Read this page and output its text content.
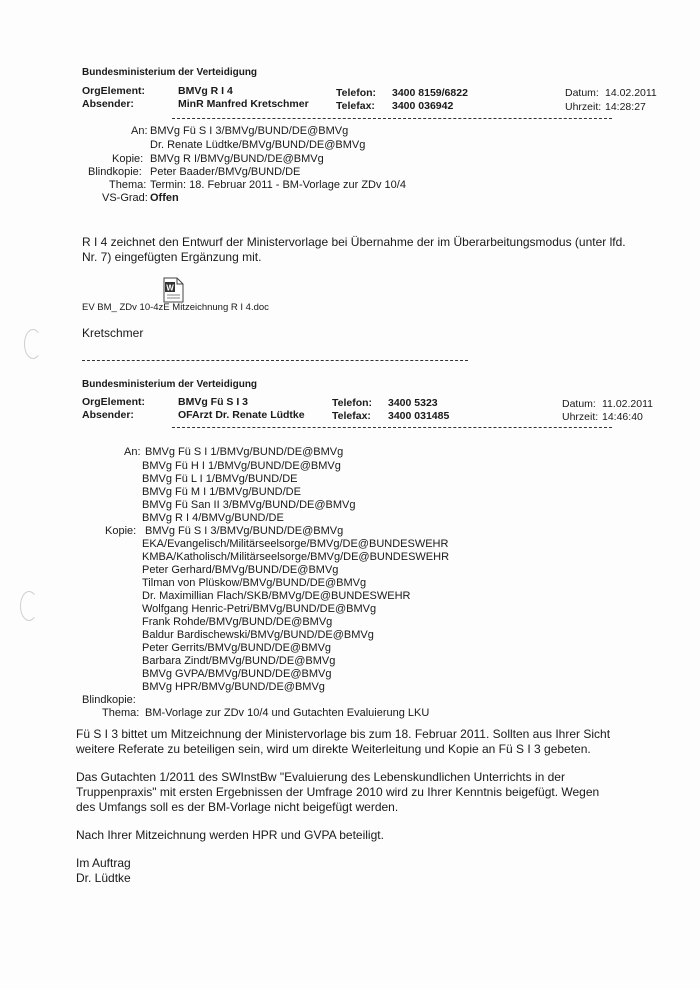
Bundesministerium der Verteidigung
OrgElement:	BMVg R I 4
Absender:	MinR Manfred Kretschmer
Telefon: 3400 8159/6822
Telefax: 3400 036942
Datum: 14.02.2011
Uhrzeit: 14:28:27
An: BMVg Fü S I 3/BMVg/BUND/DE@BMVg
Dr. Renate Lüdtke/BMVg/BUND/DE@BMVg
Kopie: BMVg R I/BMVg/BUND/DE@BMVg
Blindkopie: Peter Baader/BMVg/BUND/DE
Thema: Termin: 18. Februar 2011 - BM-Vorlage zur ZDv 10/4
VS-Grad: Offen
R I 4 zeichnet den Entwurf der Ministervorlage bei Übernahme der im Überarbeitungsmodus (unter lfd.
Nr. 7) eingefügten Ergänzung mit.
W
EV BM_ ZDv 10-4zE Mitzeichnung R I 4.doc
Kretschmer
Bundesministerium der Verteidigung
OrgElement:	BMVg Fü S I 3
Absender:	OFArzt Dr. Renate Lüdtke
Telefon: 3400 5323
Telefax: 3400 031485
Datum: 11.02.2011
Uhrzeit: 14:46:40
An: BMVg Fü S I 1/BMVg/BUND/DE@BMVg
BMVg Fü H I 1/BMVg/BUND/DE@BMVg
BMVg Fü L I 1/BMVg/BUND/DE
BMVg Fü M I 1/BMVg/BUND/DE
BMVg Fü San II 3/BMVg/BUND/DE@BMVg
BMVg R I 4/BMVg/BUND/DE
Kopie: BMVg Fü S I 3/BMVg/BUND/DE@BMVg
EKA/Evangelisch/Militärseelsorge/BMVg/DE@BUNDESWEHR
KMBA/Katholisch/Militärseelsorge/BMVg/DE@BUNDESWEHR
Peter Gerhard/BMVg/BUND/DE@BMVg
Tilman von Plüskow/BMVg/BUND/DE@BMVg
Dr. Maximillian Flach/SKB/BMVg/DE@BUNDESWEHR
Wolfgang Henric-Petri/BMVg/BUND/DE@BMVg
Frank Rohde/BMVg/BUND/DE@BMVg
Baldur Bardischewski/BMVg/BUND/DE@BMVg
Peter Gerrits/BMVg/BUND/DE@BMVg
Barbara Zindt/BMVg/BUND/DE@BMVg
BMVg GVPA/BMVg/BUND/DE@BMVg
BMVg HPR/BMVg/BUND/DE@BMVg
Blindkopie:
Thema: BM-Vorlage zur ZDv 10/4 und Gutachten Evaluierung LKU
Fü S I 3 bittet um Mitzeichnung der Ministervorlage bis zum 18. Februar 2011. Sollten aus Ihrer Sicht
weitere Referate zu beteiligen sein, wird um direkte Weiterleitung und Kopie an Fü S I 3 gebeten.
Das Gutachten 1/2011 des SWInstBw "Evaluierung des Lebenskundlichen Unterrichts in der
Truppenpraxis" mit ersten Ergebnissen der Umfrage 2010 wird zu Ihrer Kenntnis beigefügt. Wegen
des Umfangs soll es der BM-Vorlage nicht beigefügt werden.
Nach Ihrer Mitzeichnung werden HPR und GVPA beteiligt.
Im Auftrag
Dr. Lüdtke
